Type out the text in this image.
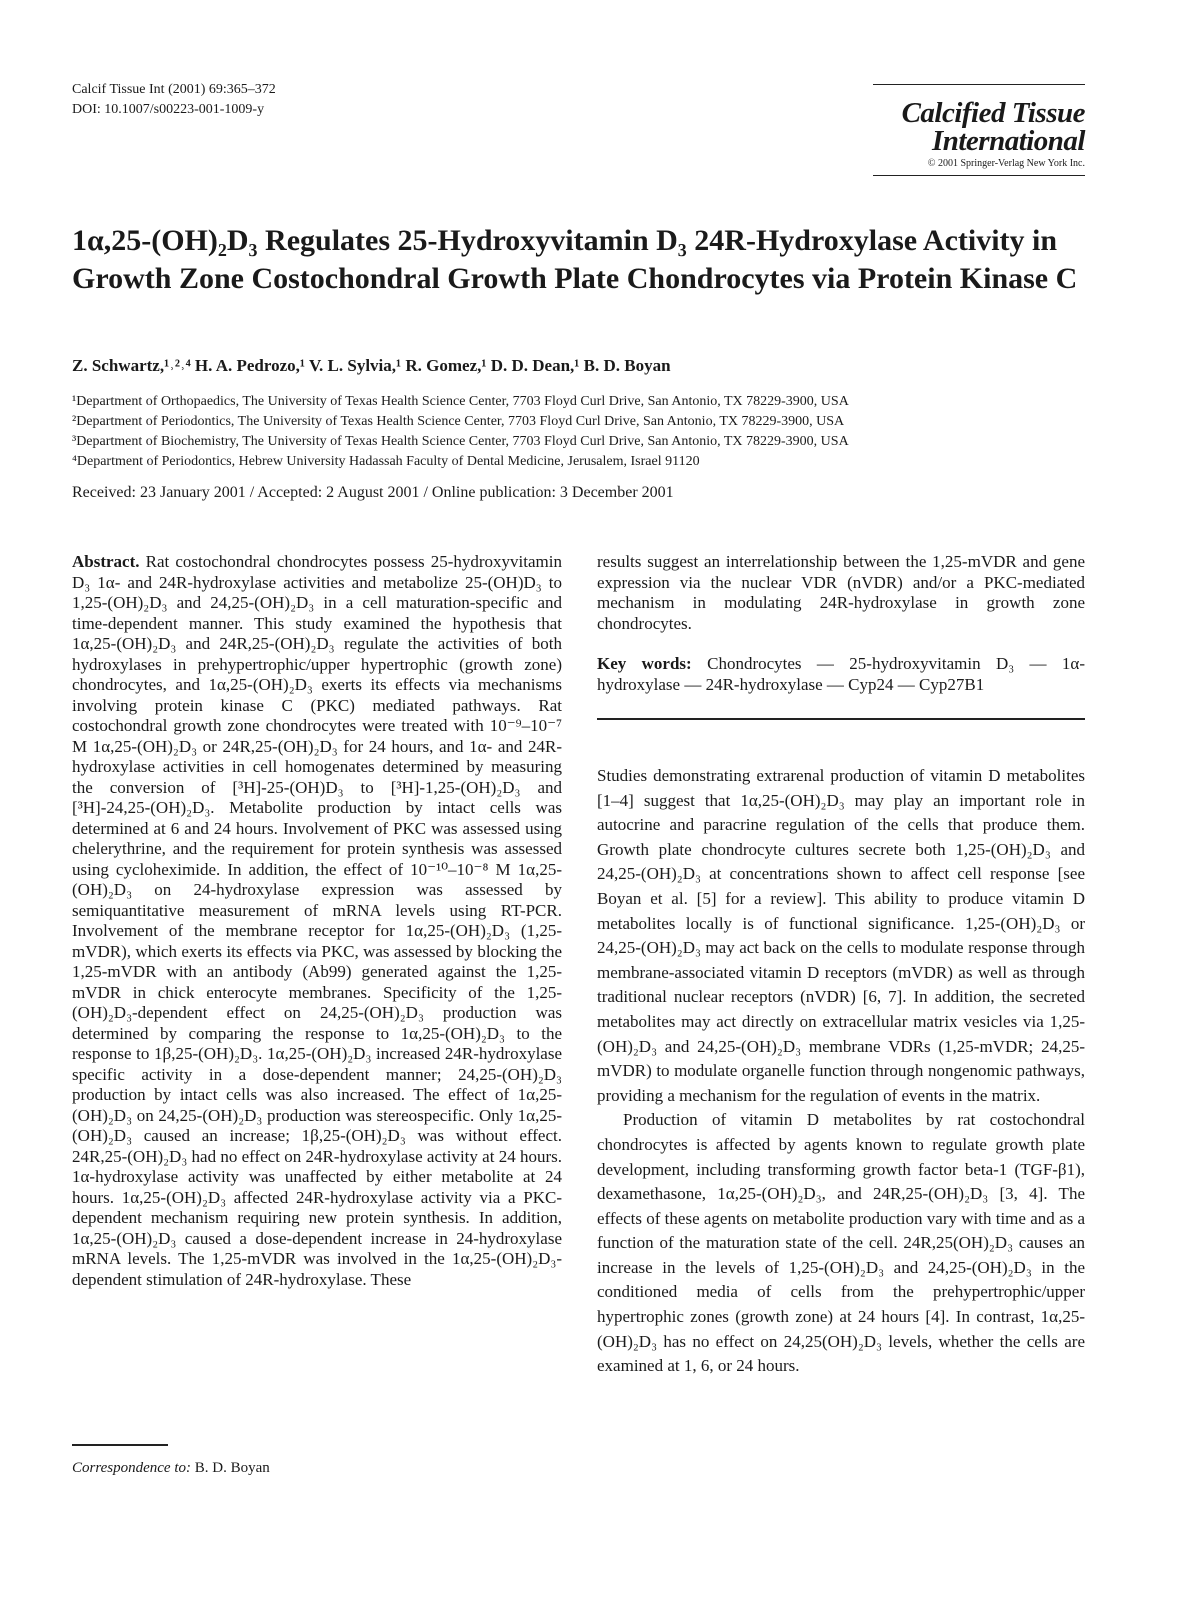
Calcif Tissue Int (2001) 69:365–372
DOI: 10.1007/s00223-001-1009-y	Calcified Tissue
International
© 2001 Springer-Verlag New York Inc.
1α,25-(OH)₂D₃ Regulates 25-Hydroxyvitamin D₃ 24R-Hydroxylase Activity in Growth Zone Costochondral Growth Plate Chondrocytes via Protein Kinase C
Z. Schwartz,¹˒²˒⁴ H. A. Pedrozo,¹ V. L. Sylvia,¹ R. Gomez,¹ D. D. Dean,¹ B. D. Boyan
¹Department of Orthopaedics, The University of Texas Health Science Center, 7703 Floyd Curl Drive, San Antonio, TX 78229-3900, USA
²Department of Periodontics, The University of Texas Health Science Center, 7703 Floyd Curl Drive, San Antonio, TX 78229-3900, USA
³Department of Biochemistry, The University of Texas Health Science Center, 7703 Floyd Curl Drive, San Antonio, TX 78229-3900, USA
⁴Department of Periodontics, Hebrew University Hadassah Faculty of Dental Medicine, Jerusalem, Israel 91120
Received: 23 January 2001 / Accepted: 2 August 2001 / Online publication: 3 December 2001
Abstract. Rat costochondral chondrocytes possess 25-hydroxyvitamin D₃ 1α- and 24R-hydroxylase activities and metabolize 25-(OH)D₃ to 1,25-(OH)₂D₃ and 24,25-(OH)₂D₃ in a cell maturation-specific and time-dependent manner. This study examined the hypothesis that 1α,25-(OH)₂D₃ and 24R,25-(OH)₂D₃ regulate the activities of both hydroxylases in prehypertrophic/upper hypertrophic (growth zone) chondrocytes, and 1α,25-(OH)₂D₃ exerts its effects via mechanisms involving protein kinase C (PKC) mediated pathways. Rat costochondral growth zone chondrocytes were treated with 10⁻⁹–10⁻⁷ M 1α,25-(OH)₂D₃ or 24R,25-(OH)₂D₃ for 24 hours, and 1α- and 24R-hydroxylase activities in cell homogenates determined by measuring the conversion of [³H]-25-(OH)D₃ to [³H]-1,25-(OH)₂D₃ and [³H]-24,25-(OH)₂D₃. Metabolite production by intact cells was determined at 6 and 24 hours. Involvement of PKC was assessed using chelerythrine, and the requirement for protein synthesis was assessed using cycloheximide. In addition, the effect of 10⁻¹⁰–10⁻⁸ M 1α,25-(OH)₂D₃ on 24-hydroxylase expression was assessed by semiquantitative measurement of mRNA levels using RT-PCR. Involvement of the membrane receptor for 1α,25-(OH)₂D₃ (1,25-mVDR), which exerts its effects via PKC, was assessed by blocking the 1,25-mVDR with an antibody (Ab99) generated against the 1,25-mVDR in chick enterocyte membranes. Specificity of the 1,25-(OH)₂D₃-dependent effect on 24,25-(OH)₂D₃ production was determined by comparing the response to 1α,25-(OH)₂D₃ to the response to 1β,25-(OH)₂D₃. 1α,25-(OH)₂D₃ increased 24R-hydroxylase specific activity in a dose-dependent manner; 24,25-(OH)₂D₃ production by intact cells was also increased. The effect of 1α,25-(OH)₂D₃ on 24,25-(OH)₂D₃ production was stereospecific. Only 1α,25-(OH)₂D₃ caused an increase; 1β,25-(OH)₂D₃ was without effect. 24R,25-(OH)₂D₃ had no effect on 24R-hydroxylase activity at 24 hours. 1α-hydroxylase activity was unaffected by either metabolite at 24 hours. 1α,25-(OH)₂D₃ affected 24R-hydroxylase activity via a PKC-dependent mechanism requiring new protein synthesis. In addition, 1α,25-(OH)₂D₃ caused a dose-dependent increase in 24-hydroxylase mRNA levels. The 1,25-mVDR was involved in the 1α,25-(OH)₂D₃-dependent stimulation of 24R-hydroxylase. These
results suggest an interrelationship between the 1,25-mVDR and gene expression via the nuclear VDR (nVDR) and/or a PKC-mediated mechanism in modulating 24R-hydroxylase in growth zone chondrocytes.
Key words: Chondrocytes — 25-hydroxyvitamin D₃ — 1α-hydroxylase — 24R-hydroxylase — Cyp24 — Cyp27B1

Studies demonstrating extrarenal production of vitamin D metabolites [1–4] suggest that 1α,25-(OH)₂D₃ may play an important role in autocrine and paracrine regulation of the cells that produce them. Growth plate chondrocyte cultures secrete both 1,25-(OH)₂D₃ and 24,25-(OH)₂D₃ at concentrations shown to affect cell response [see Boyan et al. [5] for a review]. This ability to produce vitamin D metabolites locally is of functional significance. 1,25-(OH)₂D₃ or 24,25-(OH)₂D₃ may act back on the cells to modulate response through membrane-associated vitamin D receptors (mVDR) as well as through traditional nuclear receptors (nVDR) [6, 7]. In addition, the secreted metabolites may act directly on extracellular matrix vesicles via 1,25-(OH)₂D₃ and 24,25-(OH)₂D₃ membrane VDRs (1,25-mVDR; 24,25-mVDR) to modulate organelle function through nongenomic pathways, providing a mechanism for the regulation of events in the matrix.

Production of vitamin D metabolites by rat costochondral chondrocytes is affected by agents known to regulate growth plate development, including transforming growth factor beta-1 (TGF-β1), dexamethasone, 1α,25-(OH)₂D₃, and 24R,25-(OH)₂D₃ [3, 4]. The effects of these agents on metabolite production vary with time and as a function of the maturation state of the cell. 24R,25(OH)₂D₃ causes an increase in the levels of 1,25-(OH)₂D₃ and 24,25-(OH)₂D₃ in the conditioned media of cells from the prehypertrophic/upper hypertrophic zones (growth zone) at 24 hours [4]. In contrast, 1α,25-(OH)₂D₃ has no effect on 24,25(OH)₂D₃ levels, whether the cells are examined at 1, 6, or 24 hours.

Correspondence to: B. D. Boyan
